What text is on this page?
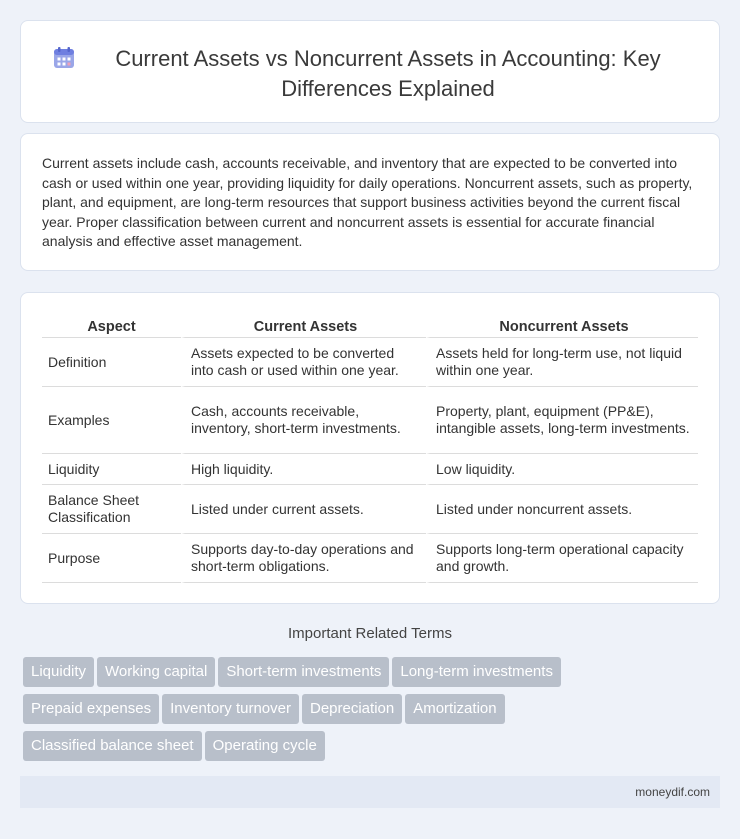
Current Assets vs Noncurrent Assets in Accounting: Key Differences Explained

Current assets include cash, accounts receivable, and inventory that are expected to be converted into cash or used within one year, providing liquidity for daily operations. Noncurrent assets, such as property, plant, and equipment, are long-term resources that support business activities beyond the current fiscal year. Proper classification between current and noncurrent assets is essential for accurate financial analysis and effective asset management.

Aspect	Current Assets	Noncurrent Assets
Definition	Assets expected to be converted into cash or used within one year.	Assets held for long-term use, not liquid within one year.
Examples	Cash, accounts receivable, inventory, short-term investments.	Property, plant, equipment (PP&E), intangible assets, long-term investments.
Liquidity	High liquidity.	Low liquidity.
Balance Sheet Classification	Listed under current assets.	Listed under noncurrent assets.
Purpose	Supports day-to-day operations and short-term obligations.	Supports long-term operational capacity and growth.
Important Related Terms
Liquidity Working capital Short-term investments Long-term investments
Prepaid expenses Inventory turnover Depreciation Amortization
Classified balance sheet Operating cycle
moneydif.com
